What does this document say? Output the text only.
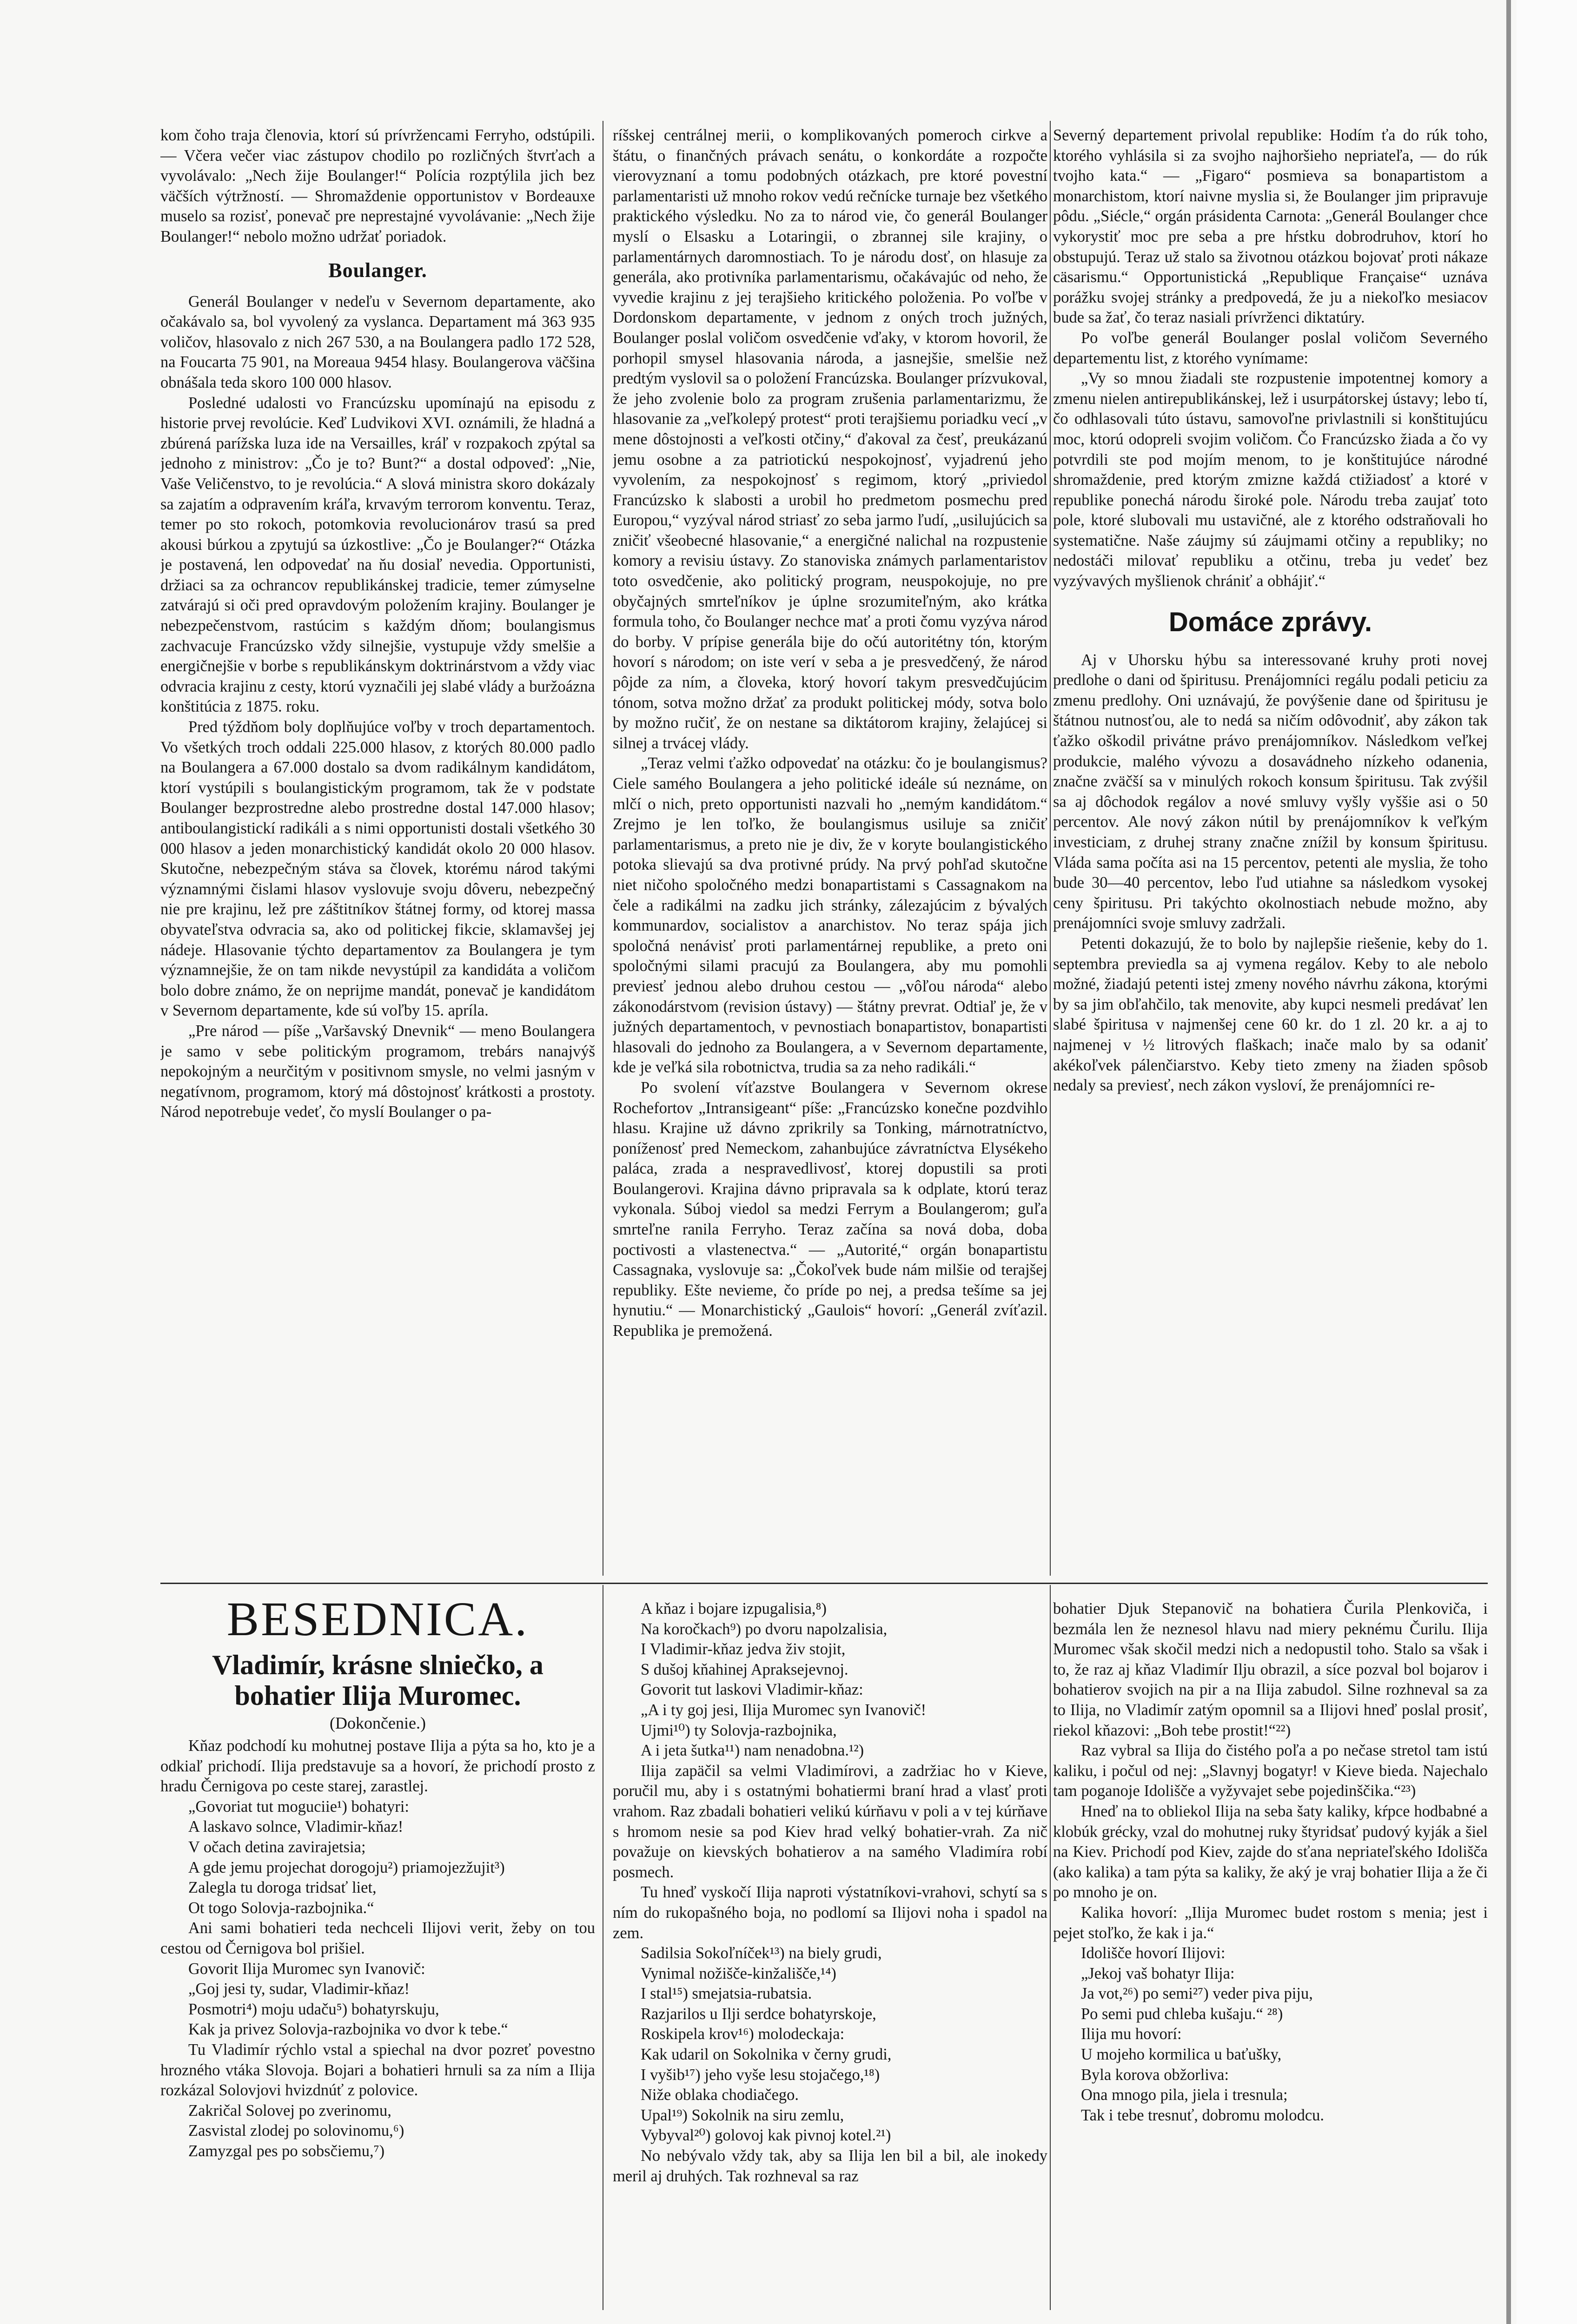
kom čoho traja členovia, ktorí sú prívržencami Ferryho, odstúpili. — Včera večer viac zástupov chodilo po rozličných štvrťach a vyvolávalo: „Nech žije Boulanger!“ Polícia rozptýlila jich bez väčších výtržností. — Shromaždenie opportunistov v Bordeauxe muselo sa rozisť, ponevač pre neprestajné vyvolávanie: „Nech žije Boulanger!“ nebolo možno udržať poriadok.

Boulanger.

Generál Boulanger v nedeľu v Severnom departamente, ako očakávalo sa, bol vyvolený za vyslanca. Departament má 363 935 voličov, hlasovalo z nich 267 530, a na Boulangera padlo 172 528, na Foucarta 75 901, na Moreaua 9454 hlasy. Boulangerova väčšina obnášala teda skoro 100 000 hlasov.

Posledné udalosti vo Francúzsku upomínajú na episodu z historie prvej revolúcie. Keď Ludvikovi XVI. oznámili, že hladná a zbúrená parížska luza ide na Versailles, kráľ v rozpakoch zpýtal sa jednoho z ministrov: „Čo je to? Bunt?“ a dostal odpoveď: „Nie, Vaše Veličenstvo, to je revolúcia.“ A slová ministra skoro dokázaly sa zajatím a odpravením kráľa, krvavým terrorom konventu. Teraz, temer po sto rokoch, potomkovia revolucionárov trasú sa pred akousi búrkou a zpytujú sa úzkostlive: „Čo je Boulanger?“ Otázka je postavená, len odpovedať na ňu dosiaľ nevedia. Opportunisti, držiaci sa za ochrancov republikánskej tradicie, temer zúmyselne zatvárajú si oči pred opravdovým položením krajiny. Boulanger je nebezpečenstvom, rastúcim s každým dňom; boulangismus zachvacuje Francúzsko vždy silnejšie, vystupuje vždy smelšie a energičnejšie v borbe s republikánskym doktrinárstvom a vždy viac odvracia krajinu z cesty, ktorú vyznačili jej slabé vlády a buržoázna konštitúcia z 1875. roku.

Pred týždňom boly doplňujúce voľby v troch departamentoch. Vo všetkých troch oddali 225.000 hlasov, z ktorých 80.000 padlo na Boulangera a 67.000 dostalo sa dvom radikálnym kandidátom, ktorí vystúpili s boulangistickým programom, tak že v podstate Boulanger bezprostredne alebo prostredne dostal 147.000 hlasov; antiboulangistickí radikáli a s nimi opportunisti dostali všetkého 30 000 hlasov a jeden monarchistický kandidát okolo 20 000 hlasov. Skutočne, nebezpečným stáva sa človek, ktorému národ takými významnými čislami hlasov vyslovuje svoju dôveru, nebezpečný nie pre krajinu, lež pre záštitníkov štátnej formy, od ktorej massa obyvateľstva odvracia sa, ako od politickej fikcie, sklamavšej jej nádeje. Hlasovanie týchto departamentov za Boulangera je tym významnejšie, že on tam nikde nevystúpil za kandidáta a voličom bolo dobre známo, že on neprijme mandát, ponevač je kandidátom v Severnom departamente, kde sú voľby 15. apríla.

„Pre národ — píše „Varšavský Dnevnik“ — meno Boulangera je samo v sebe politickým programom, trebárs nanajvýš nepokojným a neurčitým v positivnom smysle, no velmi jasným v negatívnom, programom, ktorý má dôstojnosť krátkosti a prostoty. Národ nepotrebuje vedeť, čo myslí Boulanger o pa-

ríšskej centrálnej merii, o komplikovaných pomeroch cirkve a štátu, o finančných právach senátu, o konkordáte a rozpočte vierovyznaní a tomu podobných otázkach, pre ktoré povestní parlamentaristi už mnoho rokov vedú rečnícke turnaje bez všetkého praktického výsledku. No za to národ vie, čo generál Boulanger myslí o Elsasku a Lotaringii, o zbrannej sile krajiny, o parlamentárnych daromnostiach. To je národu dosť, on hlasuje za generála, ako protivníka parlamentarismu, očakávajúc od neho, že vyvedie krajinu z jej terajšieho kritického položenia. Po voľbe v Dordonskom departamente, v jednom z oných troch južných, Boulanger poslal voličom osvedčenie vďaky, v ktorom hovoril, že porhopil smysel hlasovania národa, a jasnejšie, smelšie než predtým vyslovil sa o položení Francúzska. Boulanger prízvukoval, že jeho zvolenie bolo za program zrušenia parlamentarizmu, že hlasovanie za „veľkolepý protest“ proti terajšiemu poriadku vecí „v mene dôstojnosti a veľkosti otčiny,“ ďakoval za česť, preukázanú jemu osobne a za patriotickú nespokojnosť, vyjadrenú jeho vyvolením, za nespokojnosť s regimom, ktorý „priviedol Francúzsko k slabosti a urobil ho predmetom posmechu pred Europou,“ vyzýval národ striasť zo seba jarmo ľudí, „usilujúcich sa zničiť všeobecné hlasovanie,“ a energičné nalichal na rozpustenie komory a revisiu ústavy. Zo stanoviska známych parlamentaristov toto osvedčenie, ako politický program, neuspokojuje, no pre obyčajných smrteľníkov je úplne srozumiteľným, ako krátka formula toho, čo Boulanger nechce mať a proti čomu vyzýva národ do borby. V prípise generála bije do očú autoritétny tón, ktorým hovorí s národom; on iste verí v seba a je presvedčený, že národ pôjde za ním, a človeka, ktorý hovorí takym presvedčujúcim tónom, sotva možno držať za produkt politickej módy, sotva bolo by možno ručiť, že on nestane sa diktátorom krajiny, želajúcej si silnej a trvácej vlády.

„Teraz velmi ťažko odpovedať na otázku: čo je boulangismus? Ciele samého Boulangera a jeho politické ideále sú neznáme, on mlčí o nich, preto opportunisti nazvali ho „nemým kandidátom.“ Zrejmo je len toľko, že boulangismus usiluje sa zničiť parlamentarismus, a preto nie je div, že v koryte boulangistického potoka slievajú sa dva protivné prúdy. Na prvý pohľad skutočne niet ničoho spoločného medzi bonapartistami s Cassagnakom na čele a radikálmi na zadku jich stránky, zálezajúcim z bývalých kommunardov, socialistov a anarchistov. No teraz spája jich spoločná nenávisť proti parlamentárnej republike, a preto oni spoločnými silami pracujú za Boulangera, aby mu pomohli previesť jednou alebo druhou cestou — „vôľou národa“ alebo zákonodárstvom (revision ústavy) — štátny prevrat. Odtiaľ je, že v južných departamentoch, v pevnostiach bonapartistov, bonapartisti hlasovali do jednoho za Boulangera, a v Severnom departamente, kde je veľká sila robotnictva, trudia sa za neho radikáli.“

Po svolení víťazstve Boulangera v Severnom okrese Rochefortov „Intransigeant“ píše: „Francúzsko konečne pozdvihlo hlasu. Krajine už dávno zprikrily sa Tonking, márnotratníctvo, poníženosť pred Nemeckom, zahanbujúce závratníctva Elysékeho paláca, zrada a nespravedlivosť, ktorej dopustili sa proti Boulangerovi. Krajina dávno pripravala sa k odplate, ktorú teraz vykonala. Súboj viedol sa medzi Ferrym a Boulangerom; guľa smrteľne ranila Ferryho. Teraz začína sa nová doba, doba poctivosti a vlastenectva.“ — „Autorité,“ orgán bonapartistu Cassagnaka, vyslovuje sa: „Čokoľvek bude nám milšie od terajšej republiky. Ešte nevieme, čo príde po nej, a predsa tešíme sa jej hynutiu.“ — Monarchistický „Gaulois“ hovorí: „Generál zvíťazil. Republika je premožená.

Severný departement privolal republike: Hodím ťa do rúk toho, ktorého vyhlásila si za svojho najhoršieho nepriateľa, — do rúk tvojho kata.“ — „Figaro“ posmieva sa bonapartistom a monarchistom, ktorí naivne myslia si, že Boulanger jim pripravuje pôdu. „Siécle,“ orgán prásidenta Carnota: „Generál Boulanger chce vykorystiť moc pre seba a pre hŕstku dobrodruhov, ktorí ho obstupujú. Teraz už stalo sa životnou otázkou bojovať proti nákaze cäsarismu.“ Opportunistická „Republique Française“ uznáva porážku svojej stránky a predpovedá, že ju a niekoľko mesiacov bude sa žať, čo teraz nasiali prívrženci diktatúry.

Po voľbe generál Boulanger poslal voličom Severného departementu list, z ktorého vynímame:

„Vy so mnou žiadali ste rozpustenie impotentnej komory a zmenu nielen antirepublikánskej, lež i usurpátorskej ústavy; lebo tí, čo odhlasovali túto ústavu, samovoľne privlastnili si konštitujúcu moc, ktorú odopreli svojim voličom. Čo Francúzsko žiada a čo vy potvrdili ste pod mojím menom, to je konštitujúce národné shromaždenie, pred ktorým zmizne každá ctižiadosť a ktoré v republike ponechá národu široké pole. Národu treba zaujať toto pole, ktoré slubovali mu ustavičné, ale z ktorého odstraňovali ho systematične. Naše záujmy sú záujmami otčiny a republiky; no nedostáči milovať republiku a otčinu, treba ju vedeť bez vyzývavých myšlienok chrániť a obhájiť.“

Domáce zprávy.

Aj v Uhorsku hýbu sa interessované kruhy proti novej predlohe o dani od špiritusu. Prenájomníci regálu podali peticiu za zmenu predlohy. Oni uznávajú, že povýšenie dane od špiritusu je štátnou nutnosťou, ale to nedá sa ničím odôvodniť, aby zákon tak ťažko oškodil privátne právo prenájomníkov. Následkom veľkej produkcie, malého vývozu a dosavádneho nízkeho odanenia, značne zväčší sa v minulých rokoch konsum špiritusu. Tak zvýšil sa aj dôchodok regálov a nové smluvy vyšly vyššie asi o 50 percentov. Ale nový zákon nútil by prenájomníkov k veľkým investiciam, z druhej strany značne znížil by konsum špiritusu. Vláda sama počíta asi na 15 percentov, petenti ale myslia, že toho bude 30—40 percentov, lebo ľud utiahne sa následkom vysokej ceny špiritusu. Pri takýchto okolnostiach nebude možno, aby prenájomníci svoje smluvy zadržali.

Petenti dokazujú, že to bolo by najlepšie riešenie, keby do 1. septembra previedla sa aj vymena regálov. Keby to ale nebolo možné, žiadajú petenti istej zmeny nového návrhu zákona, ktorými by sa jim obľahčilo, tak menovite, aby kupci nesmeli predávať len slabé špiritusa v najmenšej cene 60 kr. do 1 zl. 20 kr. a aj to najmenej v ½ litrových flaškach; inače malo by sa odaniť akékoľvek pálenčiarstvo. Keby tieto zmeny na žiaden spôsob nedaly sa previesť, nech zákon vysloví, že prenájomníci re-

BESEDNICA.
Vladimír, krásne slniečko, a bohatier Ilija Muromec.
(Dokončenie.)

Kňaz podchodí ku mohutnej postave Ilija a pýta sa ho, kto je a odkiaľ prichodí. Ilija predstavuje sa a hovorí, že prichodí prosto z hradu Černigova po ceste starej, zarastlej.

„Govoriat tut moguciie¹) bohatyri:
A laskavo solnce, Vladimir-kňaz!
V očach detina zavirajetsia;
A gde jemu projechat dorogoju²) priamojezžujit³)
Zalegla tu doroga tridsať liet,
Ot togo Solovja-razbojnika.“

Ani sami bohatieri teda nechceli Ilijovi verit, žeby on tou cestou od Černigova bol prišiel.

Govorit Ilija Muromec syn Ivanovič:
„Goj jesi ty, sudar, Vladimir-kňaz!
Posmotri⁴) moju udaču⁵) bohatyrskuju,
Kak ja privez Solovja-razbojnika vo dvor k tebe.“

Tu Vladimír rýchlo vstal a spiechal na dvor pozreť povestno hrozného vtáka Slovoja. Bojari a bohatieri hrnuli sa za ním a Ilija rozkázal Solovjovi hvizdnúť z polovice.

Zakričal Solovej po zverinomu,
Zasvistal zlodej po solovinomu,⁶)
Zamyzgal pes po sobsčiemu,⁷)

A kňaz i bojare izpugalisia,⁸)
Na koročkach⁹) po dvoru napolzalisia,
I Vladimir-kňaz jedva živ stojit,
S dušoj kňahinej Apraksejevnoj.
Govorit tut laskovi Vladimir-kňaz:
„A i ty goj jesi, Ilija Muromec syn Ivanovič!
Ujmi¹⁰) ty Solovja-razbojnika,
A i jeta šutka¹¹) nam nenadobna.¹²)

Ilija zapäčil sa velmi Vladimírovi, a zadržiac ho v Kieve, poručil mu, aby i s ostatnými bohatiermi braní hrad a vlasť proti vrahom. Raz zbadali bohatieri velikú kúrňavu v poli a v tej kúrňave s hromom nesie sa pod Kiev hrad velký bohatier-vrah. Za nič považuje on kievských bohatierov a na samého Vladimíra robí posmech.

Tu hneď vyskočí Ilija naproti výstatníkovi-vrahovi, schytí sa s ním do rukopašného boja, no podlomí sa Ilijovi noha i spadol na zem.

Sadilsia Sokoľníček¹³) na biely grudi,
Vynimal nožišče-kinžališče,¹⁴)
I stal¹⁵) smejatsia-rubatsia.
Razjarilos u Ilji serdce bohatyrskoje,
Roskipela krov¹⁶) molodeckaja:
Kak udaril on Sokolnika v černy grudi,
I vyšib¹⁷) jeho vyše lesu stojačego,¹⁸)
Niže oblaka chodiačego.
Upal¹⁹) Sokolnik na siru zemlu,
Vybyval²⁰) golovoj kak pivnoj kotel.²¹)

No nebývalo vždy tak, aby sa Ilija len bil a bil, ale inokedy meril aj druhých. Tak rozhneval sa raz

bohatier Djuk Stepanovič na bohatiera Čurila Plenkoviča, i bezmála len že neznesol hlavu nad mierу peknému Čurilu. Ilija Muromec však skočil medzi nich a nedopustil toho. Stalo sa však i to, že raz aj kňaz Vladimír Ilju obrazil, a síce pozval bol bojarov i bohatierov svojich na pir a na Ilija zabudol. Silne rozhneval sa za to Ilija, no Vladimír zatým opomnil sa a Ilijovi hneď poslal prosiť, riekol kňazovi: „Boh tebe prostit!“²²)

Raz vybral sa Ilija do čistého poľa a po nečase stretol tam istú kaliku, i počul od nej: „Slavnyj bogatyr! v Kieve bieda. Najechalo tam poganoje Idolišče a vyžyvajet sebe pojedinščika.“²³)

Hneď na to obliekol Ilija na seba šaty kaliky, kŕpce hodbabné a klobúk grécky, vzal do mohutnej ruky štyridsať pudový kyják a šiel na Kiev. Prichodí pod Kiev, zajde do sťana nepriateľského Idolišča (ako kalika) a tam pýta sa kaliky, že aký je vraj bohatier Ilija a že či po mnoho je on.

Kalika hovorí: „Ilija Muromec budet rostom s menia; jest i pejet stoľko, že kak i ja.“

Idolišče hovorí Ilijovi:

„Jekoj vaš bohatyr Ilija:
Ja vot,²⁶) po semi²⁷) veder piva piju,
Po semi pud chleba kušaju.“ ²⁸)
Ilija mu hovorí:
U mojeho kormilica u baťušky,
Byla korova obžorlivа:
Ona mnogo pila, jiela i tresnula;
Tak i tebe tresnuť, dobromu molodcu.
